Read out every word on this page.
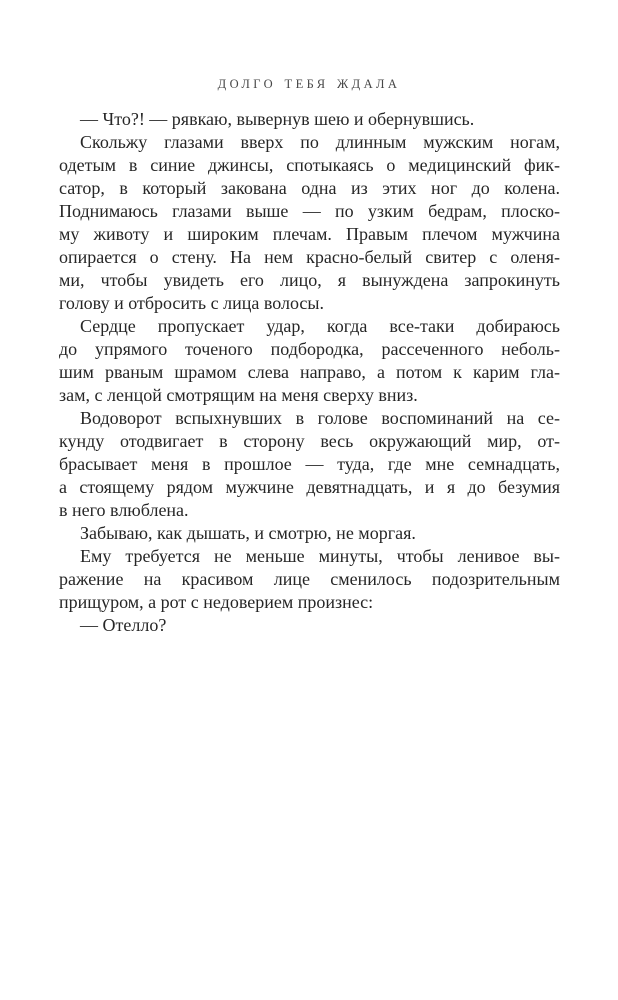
ДОЛГО ТЕБЯ ЖДАЛА
— Что?! — рявкаю, вывернув шею и обернувшись.
Скольжу глазами вверх по длинным мужским ногам,
одетым в синие джинсы, спотыкаясь о медицинский фик-
сатор, в который закована одна из этих ног до колена.
Поднимаюсь глазами выше — по узким бедрам, плоско-
му животу и широким плечам. Правым плечом мужчина
опирается о стену. На нем красно-белый свитер с оленя-
ми, чтобы увидеть его лицо, я вынуждена запрокинуть
голову и отбросить с лица волосы.
Сердце пропускает удар, когда все-таки добираюсь
до упрямого точеного подбородка, рассеченного неболь-
шим рваным шрамом слева направо, а потом к карим гла-
зам, с ленцой смотрящим на меня сверху вниз.
Водоворот вспыхнувших в голове воспоминаний на се-
кунду отодвигает в сторону весь окружающий мир, от-
брасывает меня в прошлое — туда, где мне семнадцать,
а стоящему рядом мужчине девятнадцать, и я до безумия
в него влюблена.
Забываю, как дышать, и смотрю, не моргая.
Ему требуется не меньше минуты, чтобы ленивое вы-
ражение на красивом лице сменилось подозрительным
прищуром, а рот с недоверием произнес:
— Отелло?
